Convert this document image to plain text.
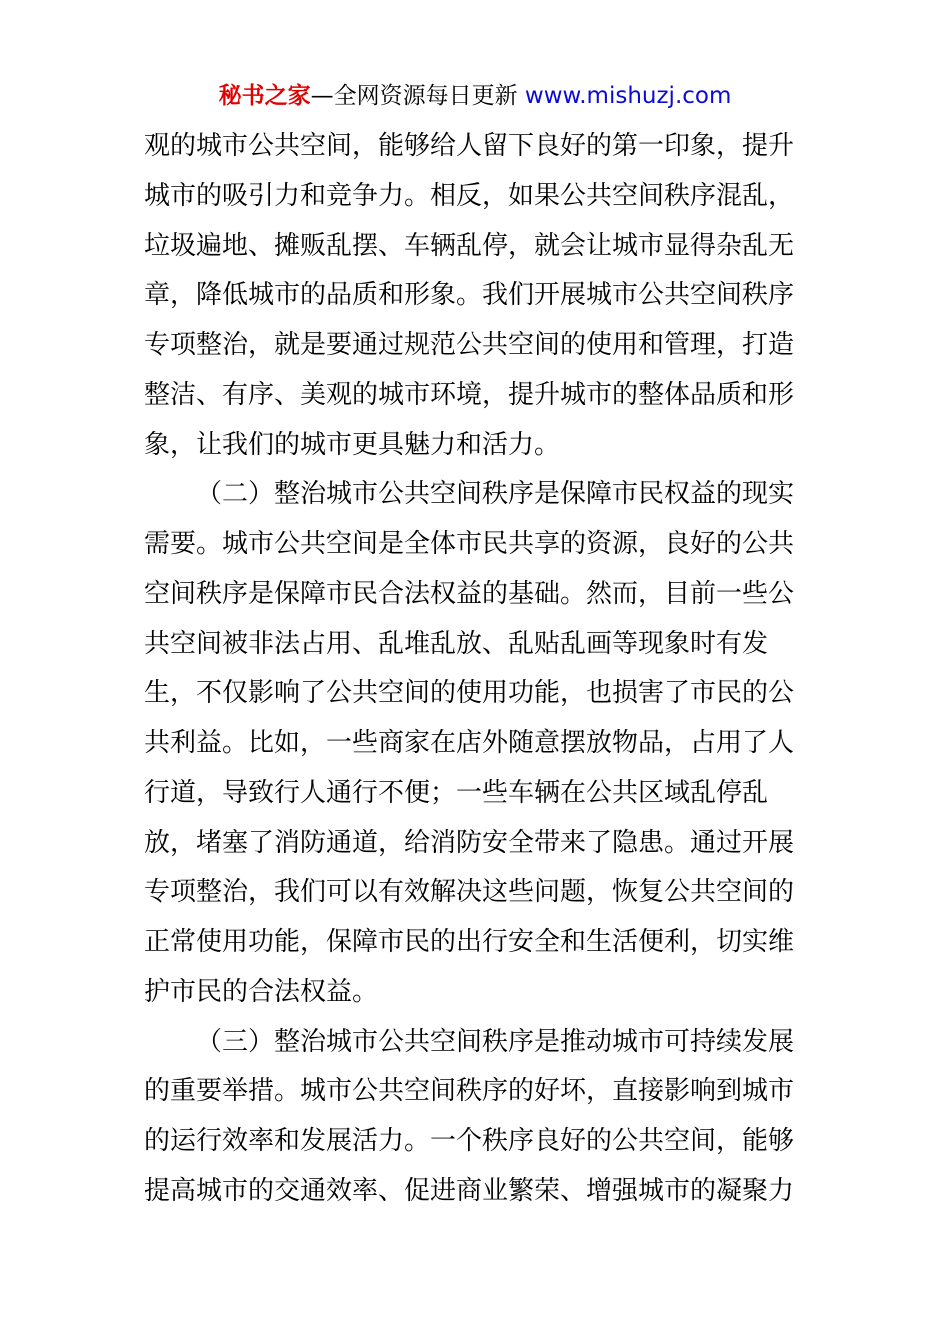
秘书之家—全网资源每日更新 www.mishuzj.com
观的城市公共空间，能够给人留下良好的第一印象，提升
城市的吸引力和竞争力。相反，如果公共空间秩序混乱，
垃圾遍地、摊贩乱摆、车辆乱停，就会让城市显得杂乱无
章，降低城市的品质和形象。我们开展城市公共空间秩序
专项整治，就是要通过规范公共空间的使用和管理，打造
整洁、有序、美观的城市环境，提升城市的整体品质和形
象，让我们的城市更具魅力和活力。
（二）整治城市公共空间秩序是保障市民权益的现实
需要。城市公共空间是全体市民共享的资源，良好的公共
空间秩序是保障市民合法权益的基础。然而，目前一些公
共空间被非法占用、乱堆乱放、乱贴乱画等现象时有发
生，不仅影响了公共空间的使用功能，也损害了市民的公
共利益。比如，一些商家在店外随意摆放物品，占用了人
行道，导致行人通行不便；一些车辆在公共区域乱停乱
放，堵塞了消防通道，给消防安全带来了隐患。通过开展
专项整治，我们可以有效解决这些问题，恢复公共空间的
正常使用功能，保障市民的出行安全和生活便利，切实维
护市民的合法权益。
（三）整治城市公共空间秩序是推动城市可持续发展
的重要举措。城市公共空间秩序的好坏，直接影响到城市
的运行效率和发展活力。一个秩序良好的公共空间，能够
提高城市的交通效率、促进商业繁荣、增强城市的凝聚力
